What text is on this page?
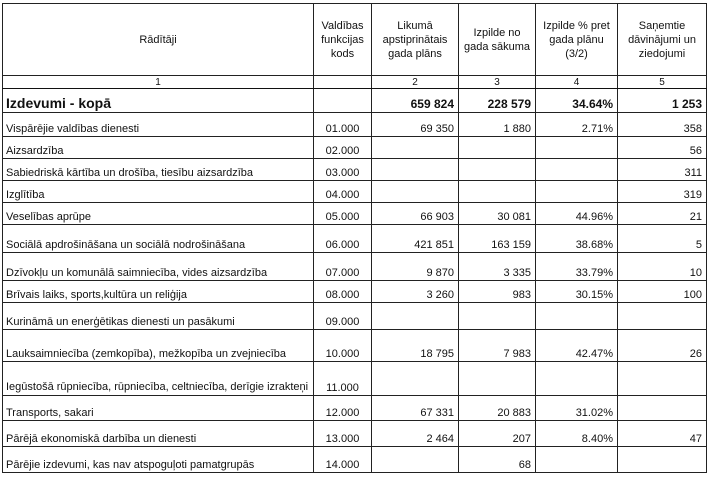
Rādītāji	Valdības funkcijas kods	Likumā apstiprinātais gada plāns	Izpilde no gada sākuma	Izpilde % pret gada plānu (3/2)	Saņemtie dāvinājumi un ziedojumi
1		2	3	4	5
Izdevumi - kopā		659 824	228 579	34.64%	1 253
Vispārējie valdības dienesti	01.000	69 350	1 880	2.71%	358
Aizsardzība	02.000				56
Sabiedriskā kārtība un drošība, tiesību aizsardzība	03.000				311
Izglītība	04.000				319
Veselības aprūpe	05.000	66 903	30 081	44.96%	21
Sociālā apdrošināšana un sociālā nodrošināšana	06.000	421 851	163 159	38.68%	5
Dzīvokļu un komunālā saimniecība, vides aizsardzība	07.000	9 870	3 335	33.79%	10
Brīvais laiks, sports,kultūra un reliģija	08.000	3 260	983	30.15%	100
Kurināmā un enerģētikas dienesti un pasākumi	09.000				
Lauksaimniecība (zemkopība), mežkopība un zvejniecība	10.000	18 795	7 983	42.47%	26
Iegūstošā rūpniecība, rūpniecība, celtniecība, derīgie izrakteņi	11.000				
Transports, sakari	12.000	67 331	20 883	31.02%	
Pārējā ekonomiskā darbība un dienesti	13.000	2 464	207	8.40%	47
Pārējie izdevumi, kas nav atspoguļoti pamatgrupās	14.000		68		
